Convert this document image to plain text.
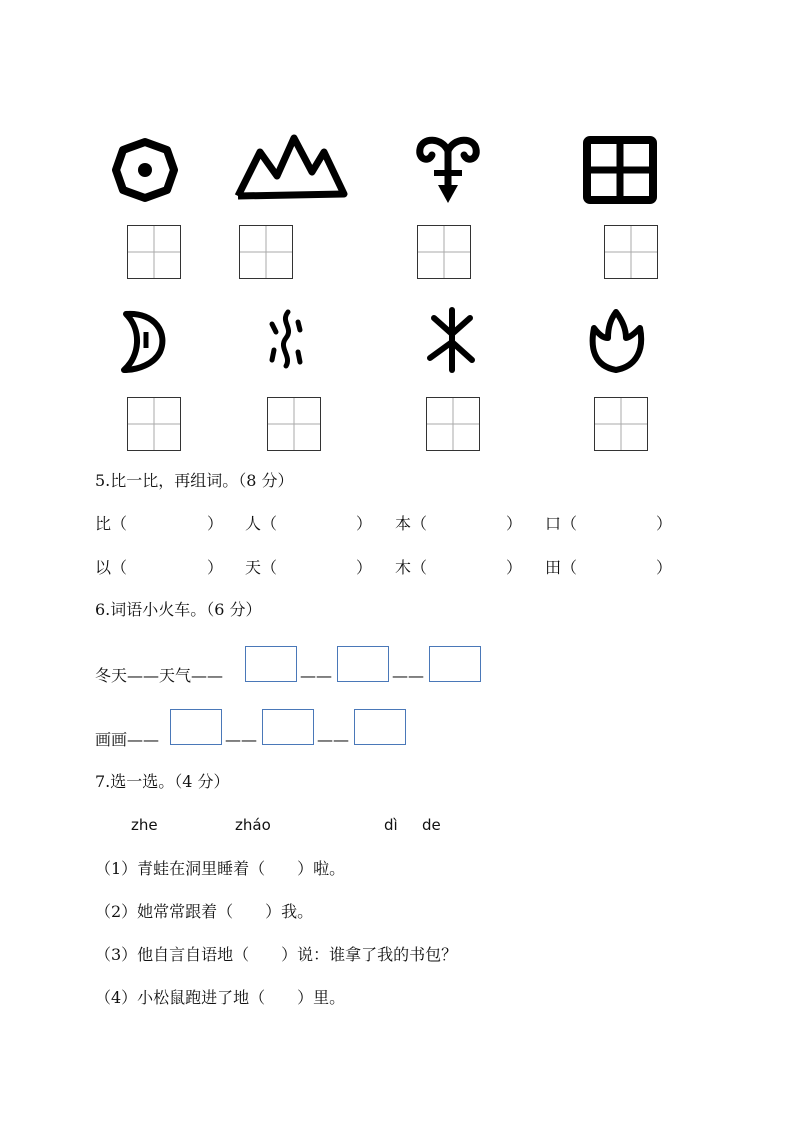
5.比一比，再组词。（8 分）
比（	） 人（	） 本（	） 口（	）
以（	） 天（	） 木（	） 田（	）
6.词语小火车。（6 分）
冬天——天气——	——	——
画画——	——	——
7.选一选。（4 分）
zhe	zháo	dì de
（1）青蛙在洞里睡着（　　）啦。
（2）她常常跟着（　　）我。
（3）他自言自语地（　　）说：谁拿了我的书包？
（4）小松鼠跑进了地（　　）里。
